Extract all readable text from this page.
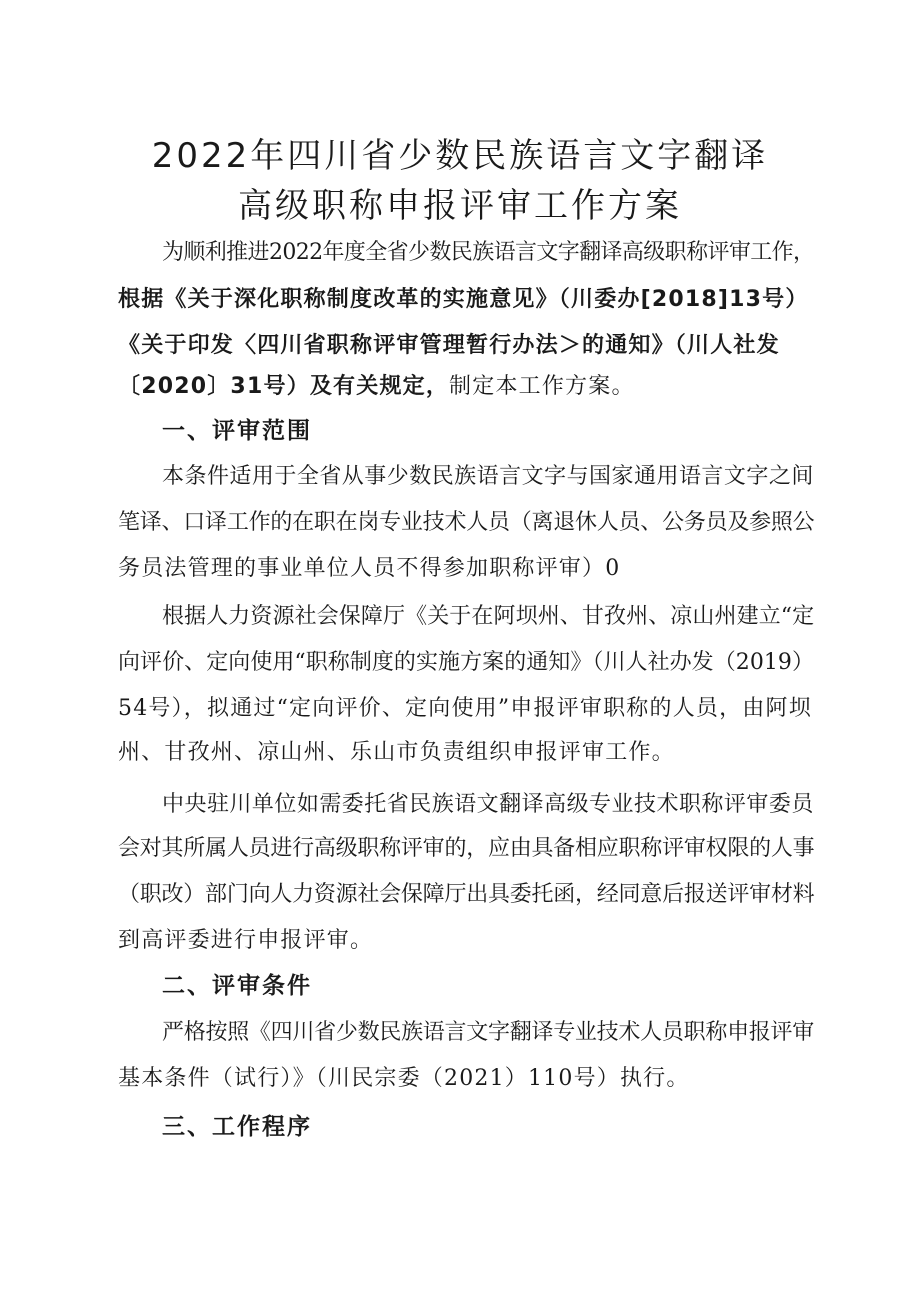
2022年四川省少数民族语言文字翻译
高级职称申报评审工作方案
为顺利推进2022年度全省少数民族语言文字翻译高级职称评审工作，
根据《关于深化职称制度改革的实施意见》（川委办[2018]13号）
《关于印发〈四川省职称评审管理暂行办法＞的通知》（川人社发
〔2020〕31号）及有关规定，制定本工作方案。
一、评审范围
本条件适用于全省从事少数民族语言文字与国家通用语言文字之间
笔译、口译工作的在职在岗专业技术人员（离退休人员、公务员及参照公
务员法管理的事业单位人员不得参加职称评审）0
根据人力资源社会保障厅《关于在阿坝州、甘孜州、凉山州建立“定
向评价、定向使用“职称制度的实施方案的通知》（川人社办发（2019）
54号），拟通过“定向评价、定向使用”申报评审职称的人员，由阿坝
州、甘孜州、凉山州、乐山市负责组织申报评审工作。
中央驻川单位如需委托省民族语文翻译高级专业技术职称评审委员
会对其所属人员进行高级职称评审的，应由具备相应职称评审权限的人事
（职改）部门向人力资源社会保障厅出具委托函，经同意后报送评审材料
到高评委进行申报评审。
二、评审条件
严格按照《四川省少数民族语言文字翻译专业技术人员职称申报评审
基本条件（试行）》（川民宗委（2021）110号）执行。
三、工作程序
